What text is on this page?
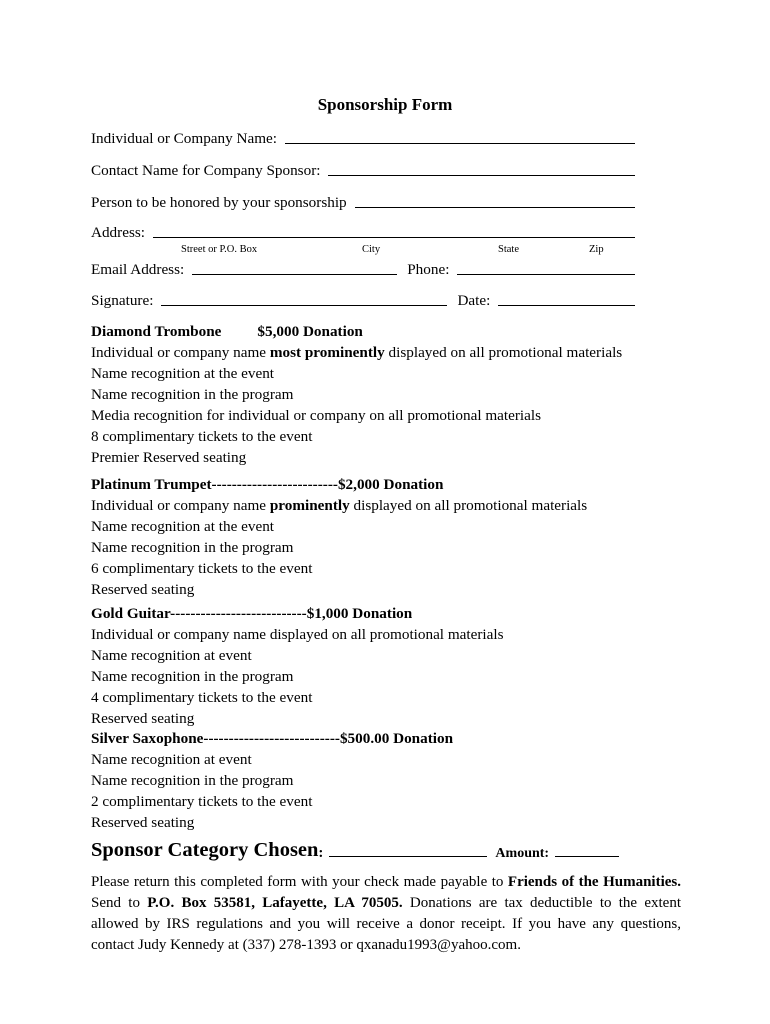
Sponsorship Form
Individual or Company Name:
Contact Name for Company Sponsor:
Person to be honored by your sponsorship
Address:
Street or P.O. Box	City	State	Zip
Email Address:	Phone:
Signature:	Date:
Diamond Trombone $5,000 Donation
Individual or company name most prominently displayed on all promotional materials
Name recognition at the event
Name recognition in the program
Media recognition for individual or company on all promotional materials
8 complimentary tickets to the event
Premier Reserved seating
Platinum Trumpet-------------------------$2,000 Donation
Individual or company name prominently displayed on all promotional materials
Name recognition at the event
Name recognition in the program
6 complimentary tickets to the event
Reserved seating
Gold Guitar---------------------------$1,000 Donation
Individual or company name displayed on all promotional materials
Name recognition at event
Name recognition in the program
4 complimentary tickets to the event
Reserved seating
Silver Saxophone---------------------------$500.00 Donation
Name recognition at event
Name recognition in the program
2 complimentary tickets to the event
Reserved seating
Sponsor Category Chosen :	Amount:
Please return this completed form with your check made payable to Friends of the Humanities. Send to P.O. Box 53581, Lafayette, LA 70505. Donations are tax deductible to the extent allowed by IRS regulations and you will receive a donor receipt. If you have any questions, contact Judy Kennedy at (337) 278-1393 or qxanadu1993@yahoo.com.
